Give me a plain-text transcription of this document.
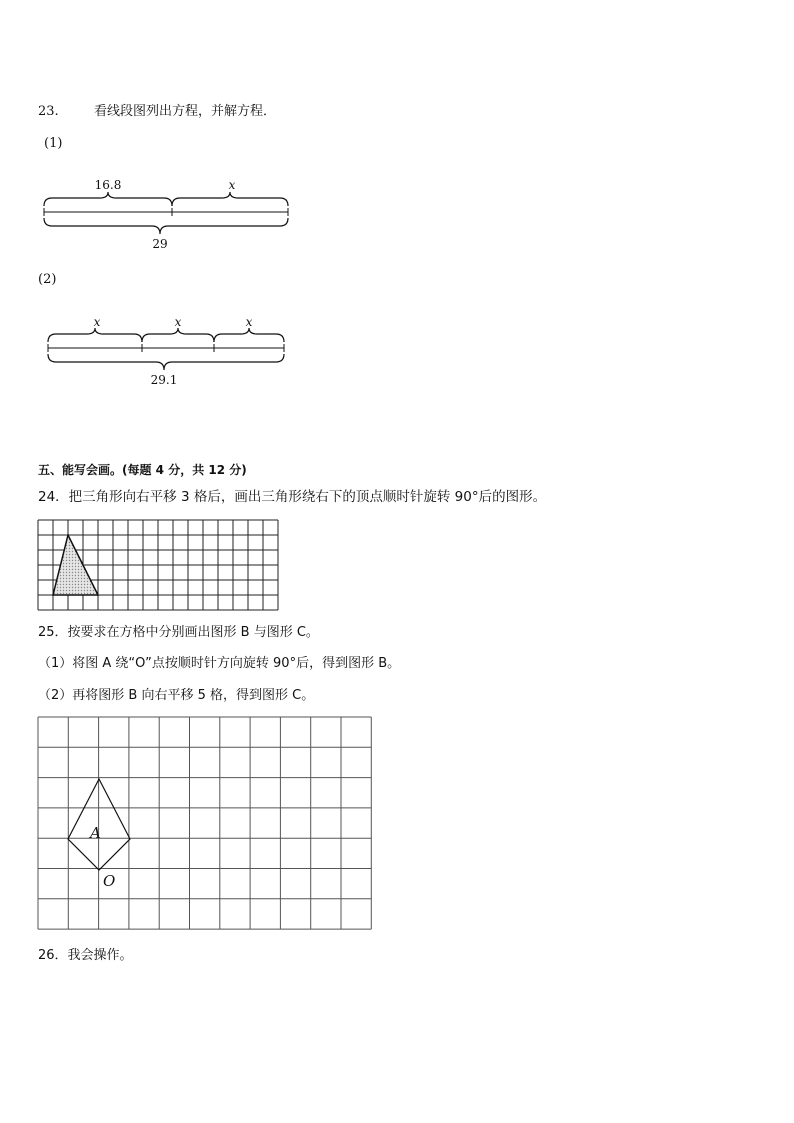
23.	看线段图列出方程，并解方程．
(1)
16.8	x
29
(2)
x	x	x
29.1
五、能写会画。(每题 4 分，共 12 分)
24．把三角形向右平移 3 格后，画出三角形绕右下的顶点顺时针旋转 90°后的图形。
25．按要求在方格中分别画出图形 B 与图形 C。
（1）将图 A 绕“O”点按顺时针方向旋转 90°后，得到图形 B。
（2）再将图形 B 向右平移 5 格，得到图形 C。
A
O
26．我会操作。
